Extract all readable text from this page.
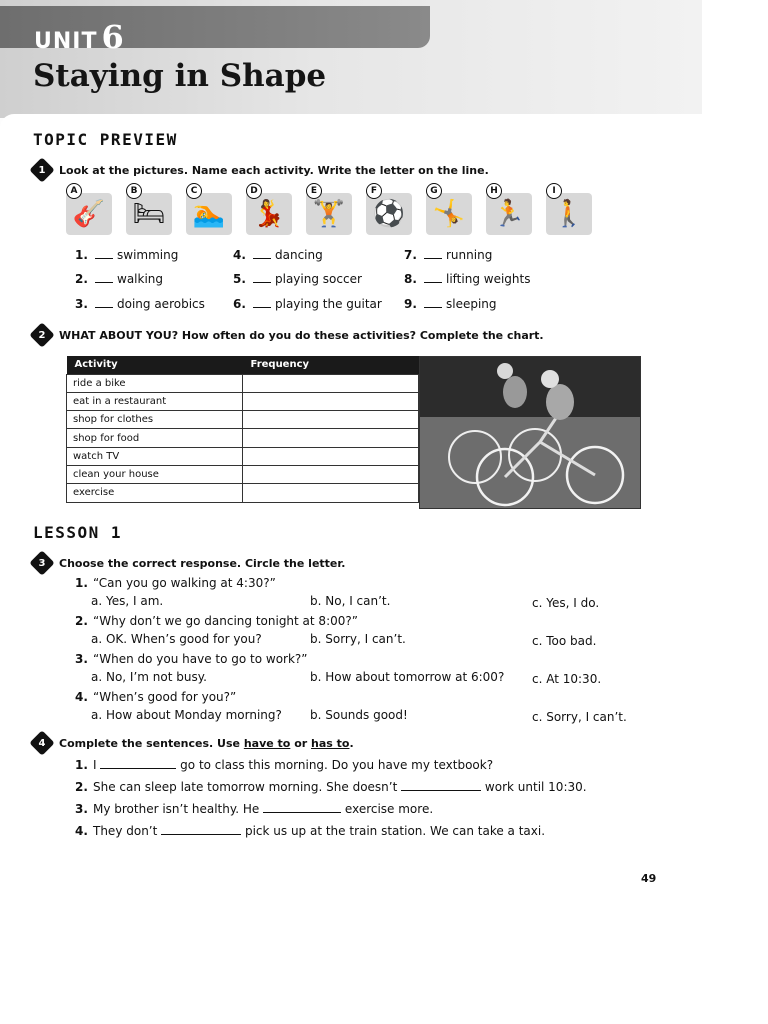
UNIT 6
Staying in Shape
TOPIC PREVIEW
1 Look at the pictures. Name each activity. Write the letter on the line.
🎸
A
🛏
B
🏊
C
💃
D
🏋
E
⚽
F
🤸
G
🏃
H
🚶
I
1. swimming
2. walking
3. doing aerobics
4. dancing
5. playing soccer
6. playing the guitar
7. running
8. lifting weights
9. sleeping
2 WHAT ABOUT YOU? How often do you do these activities? Complete the chart.
Activity	Frequency
ride a bike	
eat in a restaurant	
shop for clothes	
shop for food	
watch TV	
clean your house	
exercise	
LESSON 1
3 Choose the correct response. Circle the letter.
1. “Can you go walking at 4:30?”
a. Yes, I am.	b. No, I can’t.	c. Yes, I do.
2. “Why don’t we go dancing tonight at 8:00?”
a. OK. When’s good for you?	b. Sorry, I can’t.	c. Too bad.
3. “When do you have to go to work?”
a. No, I’m not busy.	b. How about tomorrow at 6:00? c. At 10:30.
4. “When’s good for you?”
a. How about Monday morning? b. Sounds good!	c. Sorry, I can’t.
4 Complete the sentences. Use have to or has to.
1. I	go to class this morning. Do you have my textbook?
2. She can sleep late tomorrow morning. She doesn’t	work until 10:30.
3. My brother isn’t healthy. He	exercise more.
4. They don’t	pick us up at the train station. We can take a taxi.
49
